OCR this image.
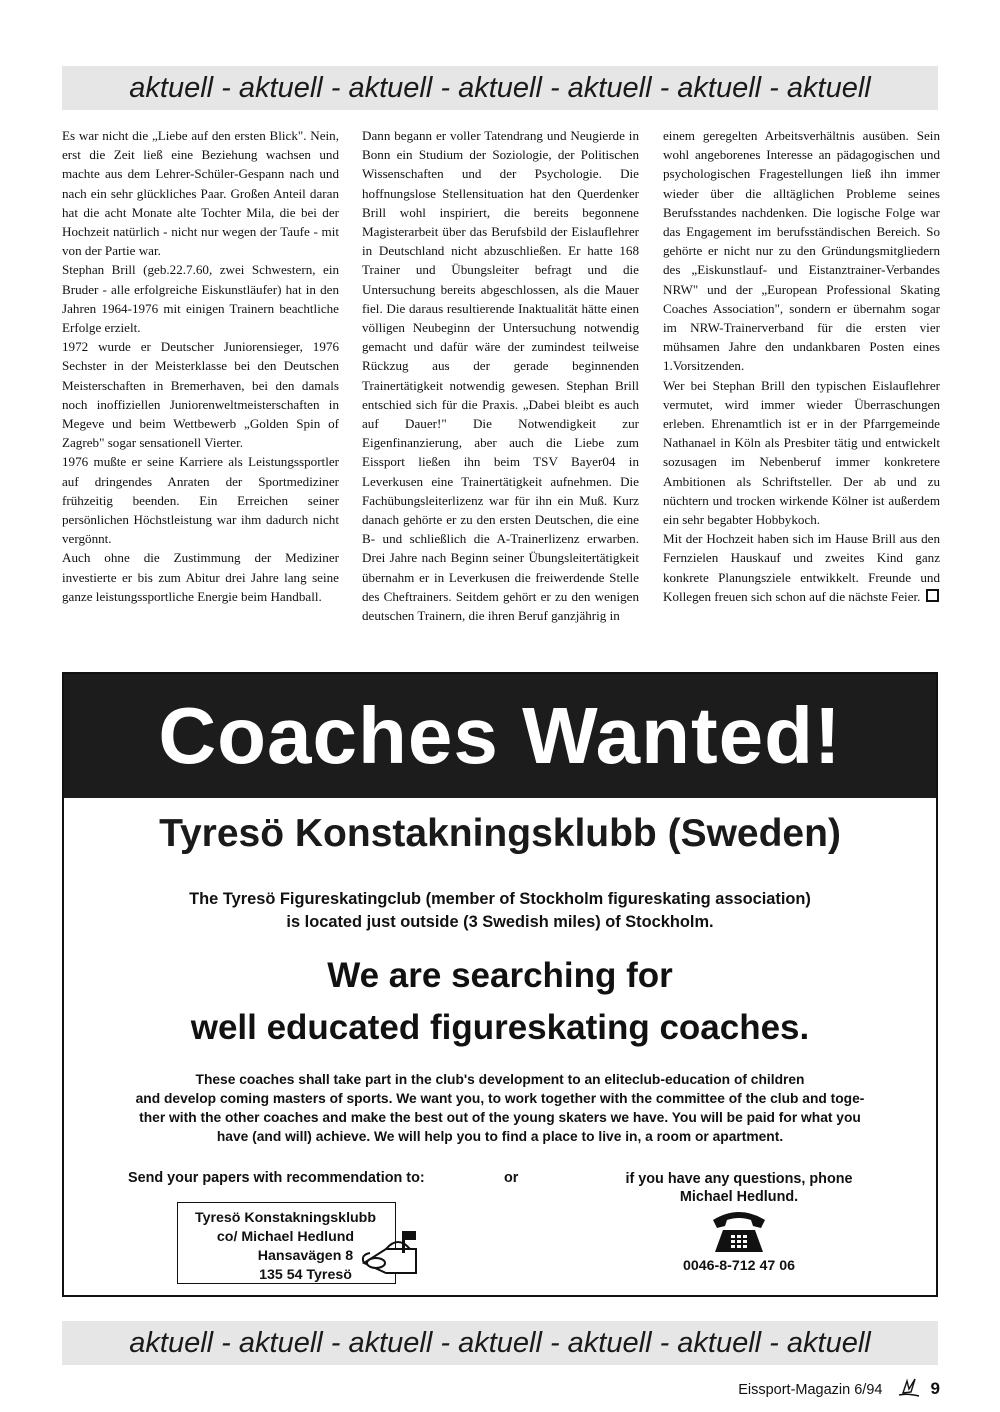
aktuell - aktuell - aktuell - aktuell - aktuell - aktuell - aktuell

Es war nicht die „Liebe auf den ersten Blick". Nein, erst die Zeit ließ eine Beziehung wachsen und machte aus dem Lehrer-Schüler-Gespann nach und nach ein sehr glückliches Paar. Großen Anteil daran hat die acht Monate alte Tochter Mila, die bei der Hochzeit natürlich - nicht nur wegen der Taufe - mit von der Partie war.

Stephan Brill (geb.22.7.60, zwei Schwestern, ein Bruder - alle erfolgreiche Eiskunstläufer) hat in den Jahren 1964-1976 mit einigen Trainern beachtliche Erfolge erzielt.

1972 wurde er Deutscher Juniorensieger, 1976 Sechster in der Meisterklasse bei den Deutschen Meisterschaften in Bremerhaven, bei den damals noch inoffiziellen Juniorenweltmeisterschaften in Megeve und beim Wettbewerb „Golden Spin of Zagreb" sogar sensationell Vierter.

1976 mußte er seine Karriere als Leistungssportler auf dringendes Anraten der Sportmediziner frühzeitig beenden. Ein Erreichen seiner persönlichen Höchstleistung war ihm dadurch nicht vergönnt.

Auch ohne die Zustimmung der Mediziner investierte er bis zum Abitur drei Jahre lang seine ganze leistungssportliche Energie beim Handball.

Dann begann er voller Tatendrang und Neugierde in Bonn ein Studium der Soziologie, der Politischen Wissenschaften und der Psychologie. Die hoffnungslose Stellensituation hat den Querdenker Brill wohl inspiriert, die bereits begonnene Magisterarbeit über das Berufsbild der Eislauflehrer in Deutschland nicht abzuschließen. Er hatte 168 Trainer und Übungsleiter befragt und die Untersuchung bereits abgeschlossen, als die Mauer fiel. Die daraus resultierende Inaktualität hätte einen völligen Neubeginn der Untersuchung notwendig gemacht und dafür wäre der zumindest teilweise Rückzug aus der gerade beginnenden Trainertätigkeit notwendig gewesen. Stephan Brill entschied sich für die Praxis. „Dabei bleibt es auch auf Dauer!" Die Notwendigkeit zur Eigenfinanzierung, aber auch die Liebe zum Eissport ließen ihn beim TSV Bayer04 in Leverkusen eine Trainertätigkeit aufnehmen. Die Fachübungsleiterlizenz war für ihn ein Muß. Kurz danach gehörte er zu den ersten Deutschen, die eine B- und schließlich die A-Trainerlizenz erwarben. Drei Jahre nach Beginn seiner Übungsleitertätigkeit übernahm er in Leverkusen die freiwerdende Stelle des Cheftrainers. Seitdem gehört er zu den wenigen deutschen Trainern, die ihren Beruf ganzjährig in

einem geregelten Arbeitsverhältnis ausüben. Sein wohl angeborenes Interesse an pädagogischen und psychologischen Fragestellungen ließ ihn immer wieder über die alltäglichen Probleme seines Berufsstandes nachdenken. Die logische Folge war das Engagement im berufsständischen Bereich. So gehörte er nicht nur zu den Gründungsmitgliedern des „Eiskunstlauf- und Eistanztrainer-Verbandes NRW" und der „European Professional Skating Coaches Association", sondern er übernahm sogar im NRW-Trainerverband für die ersten vier mühsamen Jahre den undankbaren Posten eines 1.Vorsitzenden.

Wer bei Stephan Brill den typischen Eislauflehrer vermutet, wird immer wieder Überraschungen erleben. Ehrenamtlich ist er in der Pfarrgemeinde Nathanael in Köln als Presbiter tätig und entwickelt sozusagen im Nebenberuf immer konkretere Ambitionen als Schriftsteller. Der ab und zu nüchtern und trocken wirkende Kölner ist außerdem ein sehr begabter Hobbykoch.

Mit der Hochzeit haben sich im Hause Brill aus den Fernzielen Hauskauf und zweites Kind ganz konkrete Planungsziele entwikkelt. Freunde und Kollegen freuen sich schon auf die nächste Feier.

Coaches Wanted!
Tyresö Konstakningsklubb (Sweden)
The Tyresö Figureskatingclub (member of Stockholm figureskating association)
is located just outside (3 Swedish miles) of Stockholm.
We are searching for
well educated figureskating coaches.
These coaches shall take part in the club's development to an eliteclub-education of children
and develop coming masters of sports. We want you, to work together with the committee of the club and toge-
ther with the other coaches and make the best out of the young skaters we have. You will be paid for what you
have (and will) achieve. We will help you to find a place to live in, a room or apartment.
Send your papers with recommendation to:	or	if you have any questions, phone
Michael Hedlund.
Tyresö Konstakningsklubb
co/ Michael Hedlund
Hansavägen 8
135 54 Tyresö
0046-8-712 47 06
aktuell - aktuell - aktuell - aktuell - aktuell - aktuell - aktuell
Eissport-Magazin 6/94	9
